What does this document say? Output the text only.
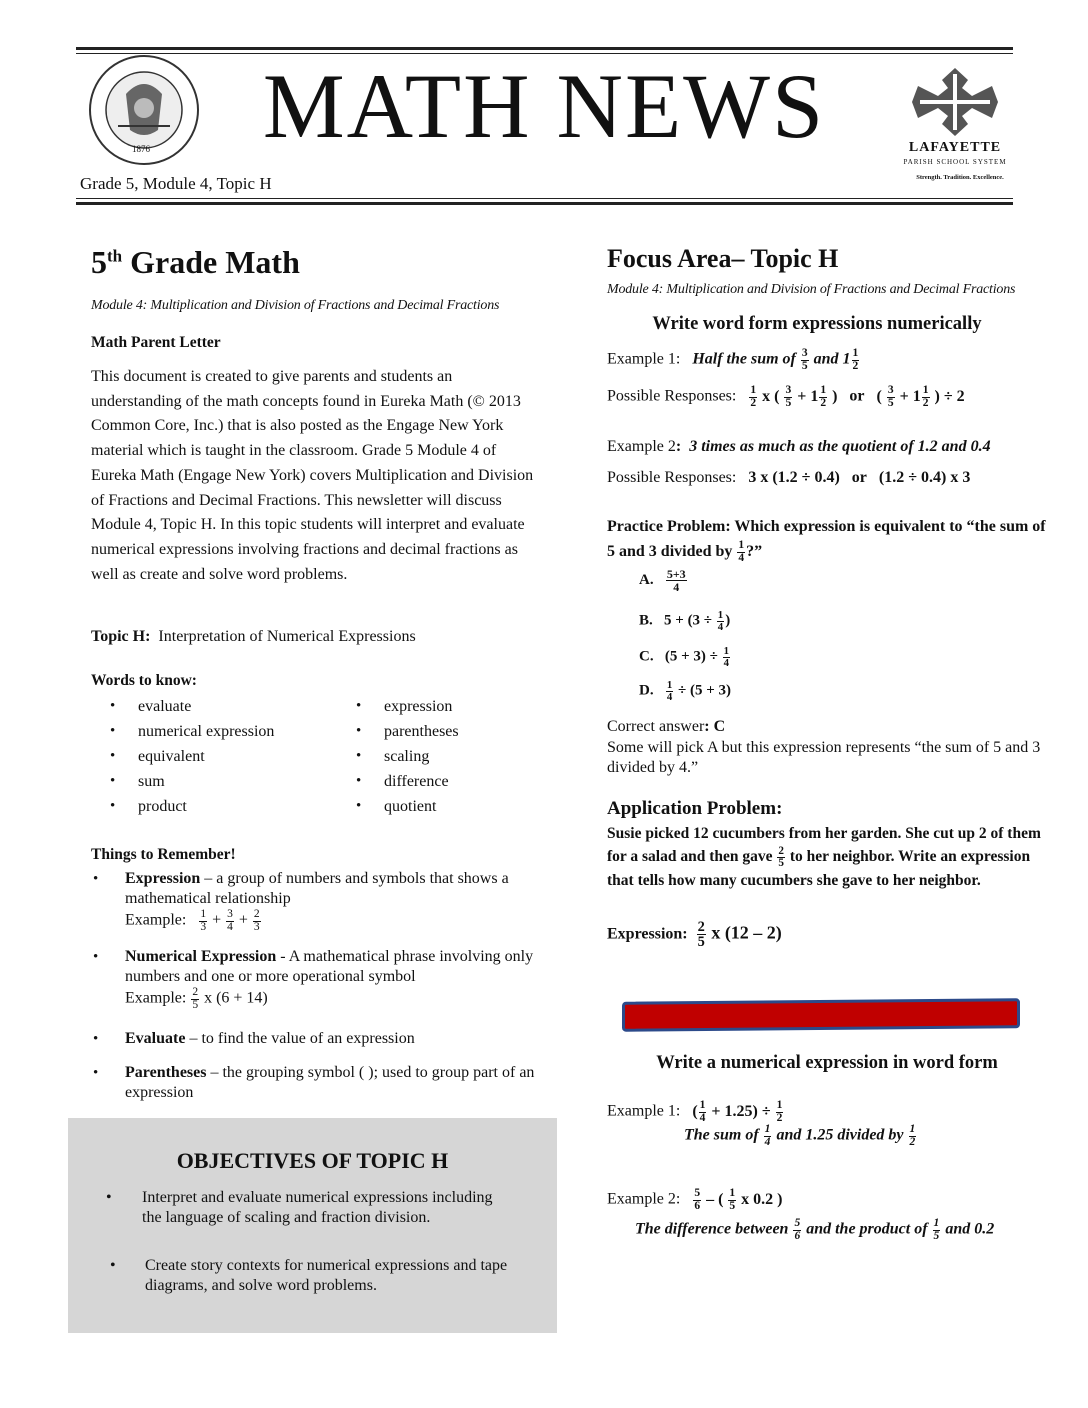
1876	MATH NEWS	LAFAYETTE
PARISH SCHOOL SYSTEM
Strength. Tradition. Excellence.
Grade 5, Module 4, Topic H
5th Grade Math
Module 4: Multiplication and Division of Fractions and Decimal Fractions
Math Parent Letter
This document is created to give parents and students an understanding of the math concepts found in Eureka Math (© 2013 Common Core, Inc.) that is also posted as the Engage New York material which is taught in the classroom. Grade 5 Module 4 of Eureka Math (Engage New York) covers Multiplication and Division of Fractions and Decimal Fractions. This newsletter will discuss Module 4, Topic H. In this topic students will interpret and evaluate numerical expressions involving fractions and decimal fractions as well as create and solve word problems.
Topic H:  Interpretation of Numerical Expressions
Words to know:
• evaluate
• numerical expression
• equivalent
• sum
• product
• expression
• parentheses
• scaling
• difference
• quotient
Things to Remember!
• Expression – a group of numbers and symbols that shows a mathematical relationship
Example: $\frac{1}{3} + \frac{3}{4} + \frac{2}{3}$
• Numerical Expression - A mathematical phrase involving only numbers and one or more operational symbol
Example: $\frac{2}{5}$ x (6 + 14)
• Evaluate – to find the value of an expression
• Parentheses – the grouping symbol ( ); used to group part of an expression
OBJECTIVES OF TOPIC H
•	Interpret and evaluate numerical expressions including the language of scaling and fraction division.
•	Create story contexts for numerical expressions and tape diagrams, and solve word problems.
Focus Area– Topic H
Module 4: Multiplication and Division of Fractions and Decimal Fractions
Write word form expressions numerically
Example 1:   Half the sum of $\frac{3}{5}$ and $1 \frac{1}{2}$
Possible Responses: $\frac{1}{2}$ x ( $\frac{3}{5} + 1 \frac{1}{2}$ ) or ( $\frac{3}{5} + 1 \frac{1}{2}$ ) ÷ 2
Example 2:  3 times as much as the quotient of 1.2 and 0.4
Possible Responses:   3 x (1.2 ÷ 0.4) or (1.2 ÷ 0.4) x 3
Practice Problem: Which expression is equivalent to “the sum of 5 and 3 divided by $\frac{1}{4}$ ?”
A. $\frac{5+3}{4}$
B.   $5 + (3 \div \frac{1}{4}$ )
C.   $(5 + 3) \div \frac{1}{4}$
D. $\frac{1}{4} \div (5 + 3)$
Correct answer: C
Some will pick A but this expression represents “the sum of 5 and 3 divided by 4.”
Application Problem:
Susie picked 12 cucumbers from her garden. She cut up 2 of them for a salad and then gave $\frac{2}{5}$ to her neighbor. Write an expression that tells how many cucumbers she gave to her neighbor.
Expression: $\frac{2}{5}$ x (12 – 2)
Write a numerical expression in word form
Example 1:   ( $\frac{1}{4} + 1.25) \div \frac{1}{2}$
The sum of $\frac{1}{4}$ and 1.25 divided by $\frac{1}{2}$
Example 2: $\frac{5}{6}$ – ( $\frac{1}{5}$ x 0.2 )
The difference between $\frac{5}{6}$ and the product of $\frac{1}{5}$ and 0.2
